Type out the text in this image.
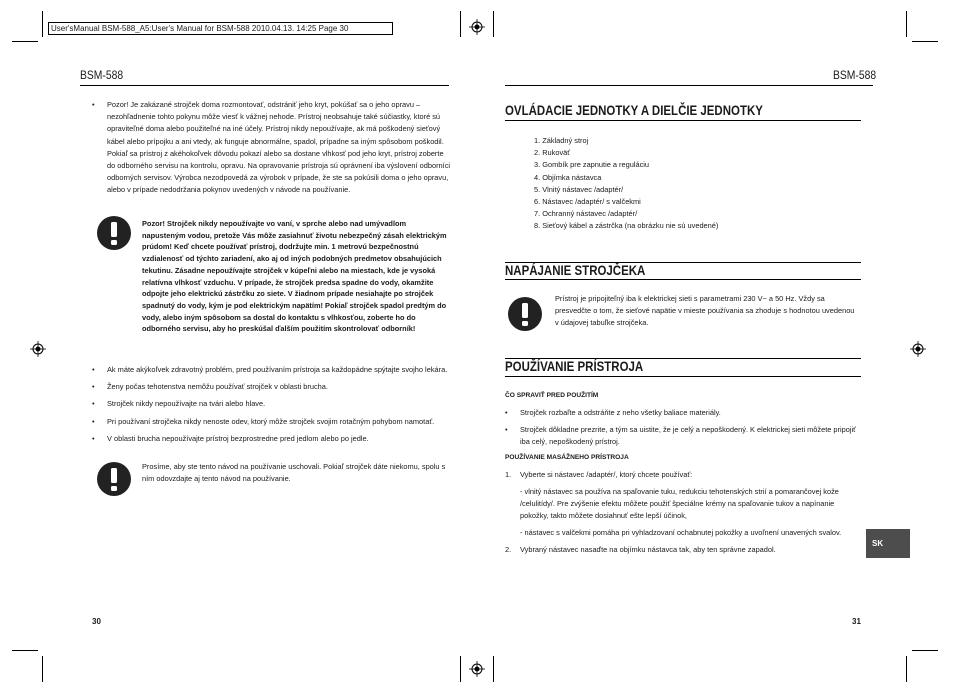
User'sManual BSM-588_A5:User's Manual for BSM-588 2010.04.13. 14:25 Page 30
BSM-588
• Pozor! Je zakázané strojček doma rozmontovať, odstrániť jeho kryt, pokúšať sa o jeho opravu – nezohľadnenie tohto pokynu môže viesť k vážnej nehode. Prístroj neobsahuje také súčiastky, ktoré sú opraviteľné doma alebo použiteľné na iné účely. Prístroj nikdy nepoužívajte, ak má poškodený sieťový kábel alebo prípojku a ani vtedy, ak funguje abnormálne, spadol, prípadne sa iným spôsobom poškodil. Pokiaľ sa prístroj z akéhokoľvek dôvodu pokazí alebo sa dostane vlhkosť pod jeho kryt, prístroj zoberte do odborného servisu na kontrolu, opravu. Na opravovanie prístroja sú oprávnení iba výslovení odborníci odborných servisov. Výrobca nezodpovedá za výrobok v prípade, že ste sa pokúsili doma o jeho opravu, alebo v prípade nedodržania pokynov uvedených v návode na používanie.
Pozor! Strojček nikdy nepoužívajte vo vaní, v sprche alebo nad umývadlom napusteným vodou, pretože Vás môže zasiahnuť životu nebezpečný zásah elektrickým prúdom! Keď chcete používať prístroj, dodržujte min. 1 metrovú bezpečnostnú vzdialenosť od týchto zariadení, ako aj od iných podobných predmetov obsahujúcich tekutinu. Zásadne nepoužívajte strojček v kúpeľni alebo na miestach, kde je vysoká relatívna vlhkosť vzduchu. V prípade, že strojček predsa spadne do vody, okamžite odpojte jeho elektrickú zástrčku zo siete. V žiadnom prípade nesiahajte po strojček spadnutý do vody, kým je pod elektrickým napätím! Pokiaľ strojček spadol predtým do vody, alebo iným spôsobom sa dostal do kontaktu s vlhkosťou, zoberte ho do odborného servisu, aby ho preskúšal ďalším použitím skontrolovať odborník!
• Ak máte akýkoľvek zdravotný problém, pred používaním prístroja sa každopádne spýtajte svojho lekára.
• Ženy počas tehotenstva nemôžu používať strojček v oblasti brucha.
• Strojček nikdy nepoužívajte na tvári alebo hlave.
• Pri používaní strojčeka nikdy nenoste odev, ktorý môže strojček svojim rotačným pohybom namotať.
• V oblasti brucha nepoužívajte prístroj bezprostredne pred jedlom alebo po jedle.
Prosíme, aby ste tento návod na používanie uschovali. Pokiaľ strojček dáte niekomu, spolu s ním odovzdajte aj tento návod na používanie.
30
BSM-588
OVLÁDACIE JEDNOTKY A DIELČIE JEDNOTKY
1. Základný stroj
2. Rukoväť
3. Gombík pre zapnutie a reguláciu
4. Objímka nástavca
5. Vlnitý nástavec /adaptér/
6. Nástavec /adaptér/ s valčekmi
7. Ochranný nástavec /adaptér/
8. Sieťový kábel a zástrčka (na obrázku nie sú uvedené)
NAPÁJANIE STROJČEKA
Prístroj je pripojiteľný iba k elektrickej sieti s parametrami 230 V~ a 50 Hz. Vždy sa presvedčte o tom, že sieťové napätie v mieste používania sa zhoduje s hodnotou uvedenou v údajovej tabuľke strojčeka.
POUŽÍVANIE PRÍSTROJA
ČO SPRAVIŤ PRED POUŽITÍM
• Strojček rozbaľte a odstráňte z neho všetky baliace materiály.
• Strojček dôkladne prezrite, a tým sa uistite, že je celý a nepoškodený. K elektrickej sieti môžete pripojiť iba celý, nepoškodený prístroj.
POUŽÍVANIE MASÁŽNEHO PRÍSTROJA
1. Vyberte si nástavec /adaptér/, ktorý chcete používať:
- vlnitý nástavec sa používa na spaľovanie tuku, redukciu tehotenských strií a pomarančovej kože /celulitídy/. Pre zvýšenie efektu môžete použiť špeciálne krémy na spaľovanie tukov a napínanie pokožky, takto môžete dosiahnuť ešte lepší účinok,
- nástavec s valčekmi pomáha pri vyhladzovaní ochabnutej pokožky a uvoľnení unavených svalov.
2. Vybraný nástavec nasaďte na objímku nástavca tak, aby ten správne zapadol.
SK
31
